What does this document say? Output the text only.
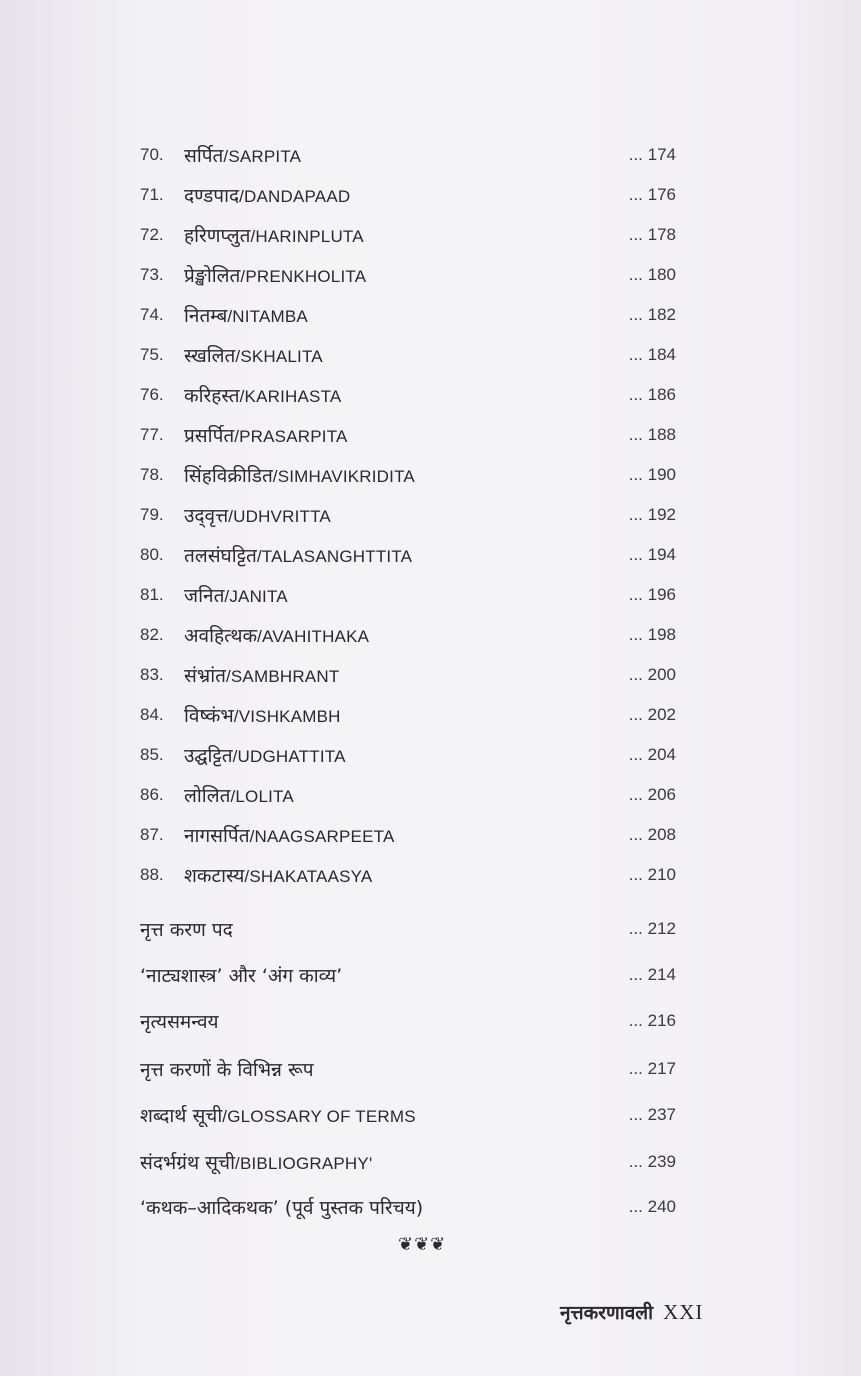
70.	सर्पित/SARPITA	... 174
71.	दण्डपाद/DANDAPAAD	... 176
72.	हरिणप्लुत/HARINPLUTA	... 178
73.	प्रेङ्खोलित/PRENKHOLITA	... 180
74.	नितम्ब/NITAMBA	... 182
75.	स्खलित/SKHALITA	... 184
76.	करिहस्त/KARIHASTA	... 186
77.	प्रसर्पित/PRASARPITA	... 188
78.	सिंहविक्रीडित/SIMHAVIKRIDITA	... 190
79.	उद्‌वृत्त/UDHVRITTA	... 192
80.	तलसंघट्टित/TALASANGHTTITA	... 194
81.	जनित/JANITA	... 196
82.	अवहित्थक/AVAHITHAKA	... 198
83.	संभ्रांत/SAMBHRANT	... 200
84.	विष्कंभ/VISHKAMBH	... 202
85.	उद्घट्टित/UDGHATTITA	... 204
86.	लोलित/LOLITA	... 206
87.	नागसर्पित/NAAGSARPEETA	... 208
88.	शकटास्य/SHAKATAASYA	... 210
नृत्त करण पद	... 212
‘नाट्यशास्त्र’ और ‘अंग काव्य’	... 214
नृत्यसमन्वय	... 216
नृत्त करणों के विभिन्न रूप	... 217
शब्दार्थ सूची/GLOSSARY OF TERMS	... 237
संदर्भग्रंथ सूची/BIBLIOGRAPHY'	... 239
‘कथक–आदिकथक’ (पूर्व पुस्तक परिचय)	... 240
❦❦❦
नृत्तकरणावली XXI
